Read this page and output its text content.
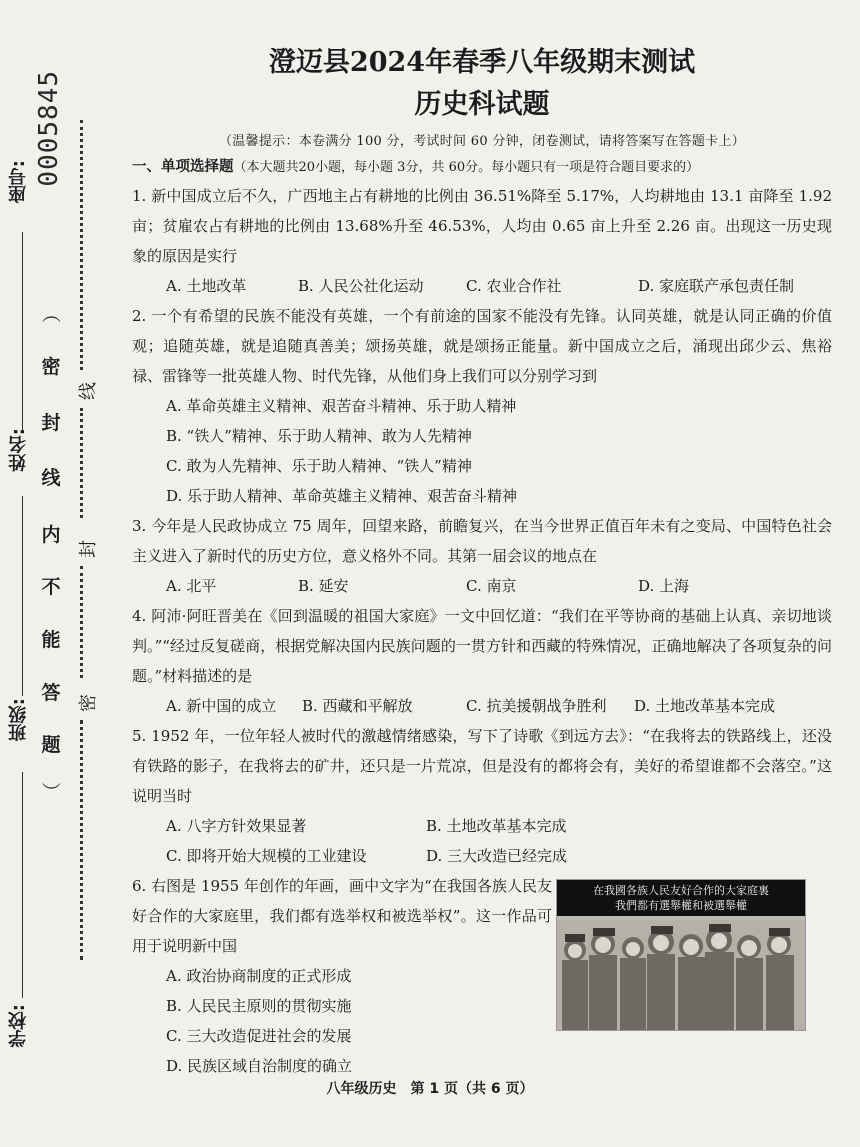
0005845
座号:
姓名:
班级:
学校:
）
密
封
线
内
不
能
答
题
（
线
封
密
澄迈县2024年春季八年级期末测试
历史科试题
（温馨提示：本卷满分 100 分，考试时间 60 分钟，闭卷测试，请将答案写在答题卡上）
一、单项选择题（本大题共20小题，每小题 3分，共 60分。每小题只有一项是符合题目要求的）

1. 新中国成立后不久，广西地主占有耕地的比例由 36.51%降至 5.17%，人均耕地由 13.1 亩降至 1.92 亩；贫雇农占有耕地的比例由 13.68%升至 46.53%，人均由 0.65 亩上升至 2.26 亩。出现这一历史现象的原因是实行

A. 土地改革	B. 人民公社化运动	C. 农业合作社	D. 家庭联产承包责任制

2. 一个有希望的民族不能没有英雄，一个有前途的国家不能没有先锋。认同英雄，就是认同正确的价值观；追随英雄，就是追随真善美；颂扬英雄，就是颂扬正能量。新中国成立之后，涌现出邱少云、焦裕禄、雷锋等一批英雄人物、时代先锋，从他们身上我们可以分别学习到

A. 革命英雄主义精神、艰苦奋斗精神、乐于助人精神
B. “铁人”精神、乐于助人精神、敢为人先精神
C. 敢为人先精神、乐于助人精神、“铁人”精神
D. 乐于助人精神、革命英雄主义精神、艰苦奋斗精神

3. 今年是人民政协成立 75 周年，回望来路，前瞻复兴，在当今世界正值百年未有之变局、中国特色社会主义进入了新时代的历史方位，意义格外不同。其第一届会议的地点在

A. 北平	B. 延安	C. 南京	D. 上海

4. 阿沛·阿旺晋美在《回到温暖的祖国大家庭》一文中回忆道：“我们在平等协商的基础上认真、亲切地谈判。”“经过反复磋商，根据党解决国内民族问题的一贯方针和西藏的特殊情况，正确地解决了各项复杂的问题。”材料描述的是

A. 新中国的成立	B. 西藏和平解放	C. 抗美援朝战争胜利	D. 土地改革基本完成

5. 1952 年，一位年轻人被时代的激越情绪感染，写下了诗歌《到远方去》：“在我将去的铁路线上，还没有铁路的影子，在我将去的矿井，还只是一片荒凉，但是没有的都将会有，美好的希望谁都不会落空。”这说明当时

A. 八字方针效果显著	B. 土地改革基本完成
C. 即将开始大规模的工业建设	D. 三大改造已经完成

6. 右图是 1955 年创作的年画，画中文字为“在我国各族人民友好合作的大家庭里，我们都有选举权和被选举权”。这一作品可用于说明新中国

A. 政治协商制度的正式形成
B. 人民民主原则的贯彻实施
C. 三大改造促进社会的发展
D. 民族区域自治制度的确立
在我國各族人民友好合作的大家庭裏
我們都有選舉權和被選舉權
八年级历史　第 1 页（共 6 页）
